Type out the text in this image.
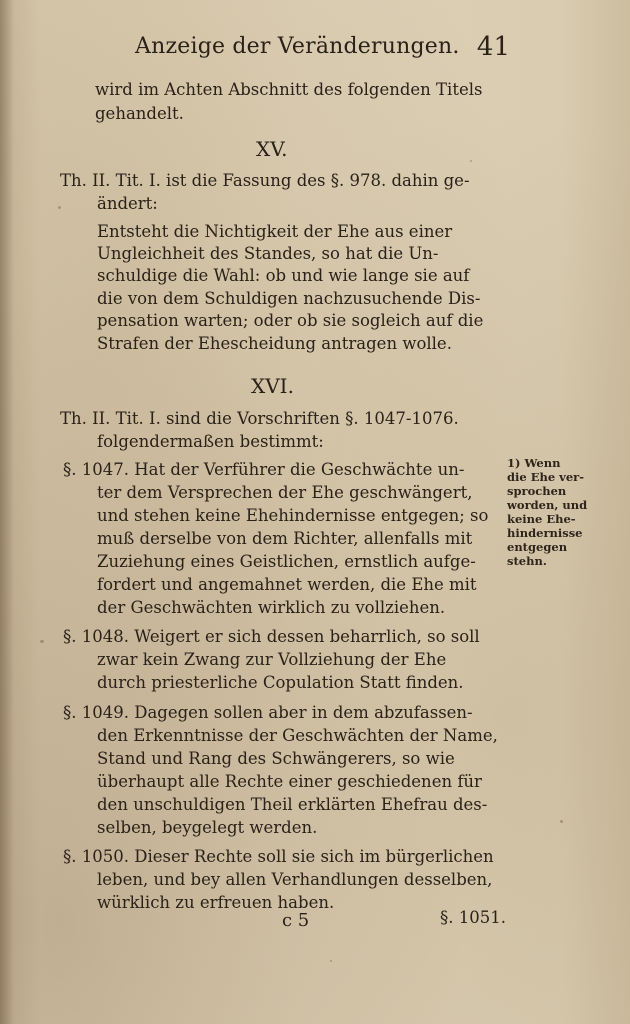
Anzeige der Veränderungen. 41
wird im Achten Abschnitt des folgenden Titels
gehandelt.
XV.
Th. II. Tit. I. ist die Fassung des §. 978. dahin ge-
ändert:
Entsteht die Nichtigkeit der Ehe aus einer
Ungleichheit des Standes, so hat die Un-
schuldige die Wahl: ob und wie lange sie auf
die von dem Schuldigen nachzusuchende Dis-
pensation warten; oder ob sie sogleich auf die
Strafen der Ehescheidung antragen wolle.
XVI.
Th. II. Tit. I. sind die Vorschriften §. 1047-1076.
folgendermaßen bestimmt:
§. 1047. Hat der Verführer die Geschwächte un-
ter dem Versprechen der Ehe geschwängert,
und stehen keine Ehehindernisse entgegen; so
muß derselbe von dem Richter, allenfalls mit
Zuziehung eines Geistlichen, ernstlich aufge-
fordert und angemahnet werden, die Ehe mit
der Geschwächten wirklich zu vollziehen.
§. 1048. Weigert er sich dessen beharrlich, so soll
zwar kein Zwang zur Vollziehung der Ehe
durch priesterliche Copulation Statt finden.
§. 1049. Dagegen sollen aber in dem abzufassen-
den Erkenntnisse der Geschwächten der Name,
Stand und Rang des Schwängerers, so wie
überhaupt alle Rechte einer geschiedenen für
den unschuldigen Theil erklärten Ehefrau des-
selben, beygelegt werden.
§. 1050. Dieser Rechte soll sie sich im bürgerlichen
leben, und bey allen Verhandlungen desselben,
würklich zu erfreuen haben.
1) Wenn
die Ehe ver-
sprochen
worden, und
keine Ehe-
hindernisse
entgegen
stehn.
c 5	§. 1051.
